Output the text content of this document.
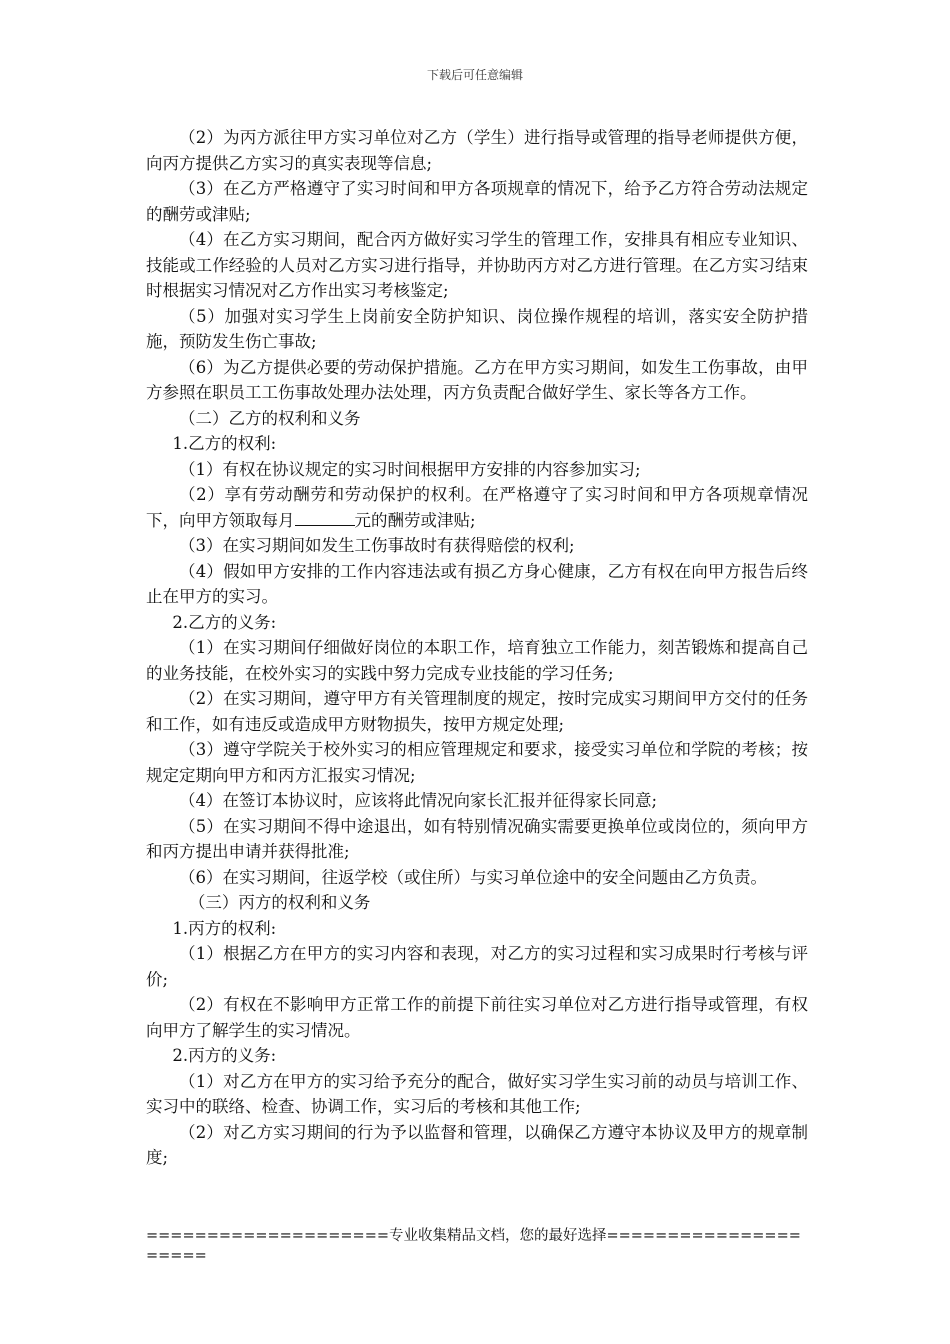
下载后可任意编辑

（2）为丙方派往甲方实习单位对乙方（学生）进行指导或管理的指导老师提供方便，向丙方提供乙方实习的真实表现等信息;

（3）在乙方严格遵守了实习时间和甲方各项规章的情况下，给予乙方符合劳动法规定的酬劳或津贴;

（4）在乙方实习期间，配合丙方做好实习学生的管理工作，安排具有相应专业知识、技能或工作经验的人员对乙方实习进行指导，并协助丙方对乙方进行管理。在乙方实习结束时根据实习情况对乙方作出实习考核鉴定;

（5）加强对实习学生上岗前安全防护知识、岗位操作规程的培训，落实安全防护措施，预防发生伤亡事故;

（6）为乙方提供必要的劳动保护措施。乙方在甲方实习期间，如发生工伤事故，由甲方参照在职员工工伤事故处理办法处理，丙方负责配合做好学生、家长等各方工作。

（二）乙方的权利和义务

1.乙方的权利:

（1）有权在协议规定的实习时间根据甲方安排的内容参加实习;

（2）享有劳动酬劳和劳动保护的权利。在严格遵守了实习时间和甲方各项规章情况下，向甲方领取每月	元的酬劳或津贴;

（3）在实习期间如发生工伤事故时有获得赔偿的权利;

（4）假如甲方安排的工作内容违法或有损乙方身心健康，乙方有权在向甲方报告后终止在甲方的实习。

2.乙方的义务:

（1）在实习期间仔细做好岗位的本职工作，培育独立工作能力，刻苦锻炼和提高自己的业务技能，在校外实习的实践中努力完成专业技能的学习任务;

（2）在实习期间，遵守甲方有关管理制度的规定，按时完成实习期间甲方交付的任务和工作，如有违反或造成甲方财物损失，按甲方规定处理;

（3）遵守学院关于校外实习的相应管理规定和要求，接受实习单位和学院的考核；按规定定期向甲方和丙方汇报实习情况;

（4）在签订本协议时，应该将此情况向家长汇报并征得家长同意;

（5）在实习期间不得中途退出，如有特别情况确实需要更换单位或岗位的，须向甲方和丙方提出申请并获得批准;

（6）在实习期间，往返学校（或住所）与实习单位途中的安全问题由乙方负责。

（三）丙方的权利和义务

1.丙方的权利:

（1）根据乙方在甲方的实习内容和表现，对乙方的实习过程和实习成果时行考核与评价;

（2）有权在不影响甲方正常工作的前提下前往实习单位对乙方进行指导或管理，有权向甲方了解学生的实习情况。

2.丙方的义务:

（1）对乙方在甲方的实习给予充分的配合，做好实习学生实习前的动员与培训工作、实习中的联络、检查、协调工作，实习后的考核和其他工作;

（2）对乙方实习期间的行为予以监督和管理，以确保乙方遵守本协议及甲方的规章制度;

====================专业收集精品文档，您的最好选择=====================
